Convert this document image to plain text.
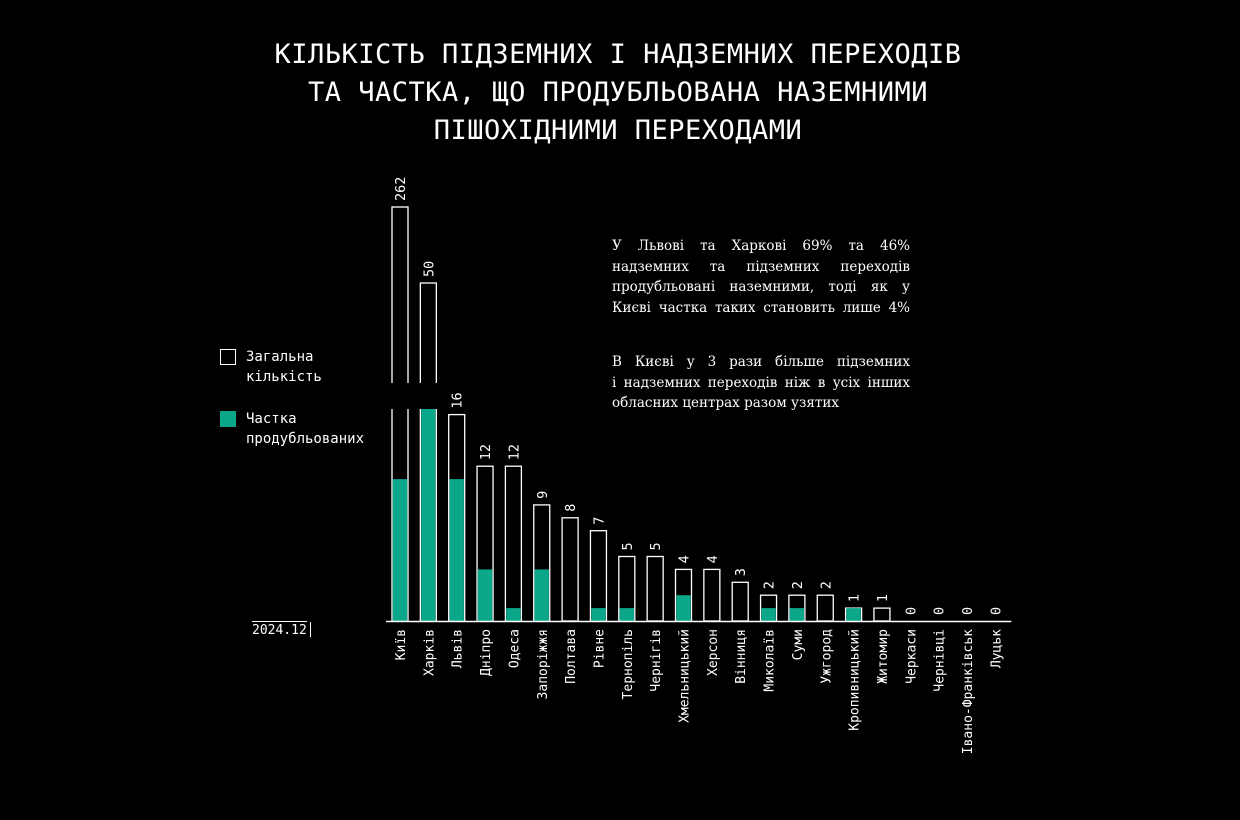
КІЛЬКІСТЬ ПІДЗЕМНИХ І НАДЗЕМНИХ ПЕРЕХОДІВ
ТА ЧАСТКА, ЩО ПРОДУБЛЬОВАНА НАЗЕМНИМИ
ПІШОХІДНИМИ ПЕРЕХОДАМИ
Загальна
кількість
Частка
продубльованих

У Львові та Харкові 69% та 46%
надземних та підземних переходів
продубльовані наземними, тоді як у
Києві частка таких становить лише 4%

В Києві у 3 рази більше підземних
і надземних переходів ніж в усіх інших
обласних центрах разом узятих

2024.12
262
Київ
50
Харків
16
Львів
12
Дніпро
12
Одеса
9
Запоріжжя
8
Полтава
7
Рівне
5
Тернопіль
5
Чернігів
4
Хмельницький
4
Херсон
3
Вінниця
2
Миколаїв
2
Суми
2
Ужгород
1
Кропивницький
1
Житомир
0
Черкаси
0
Чернівці
0
Івано-Франківськ
0
Луцьк
